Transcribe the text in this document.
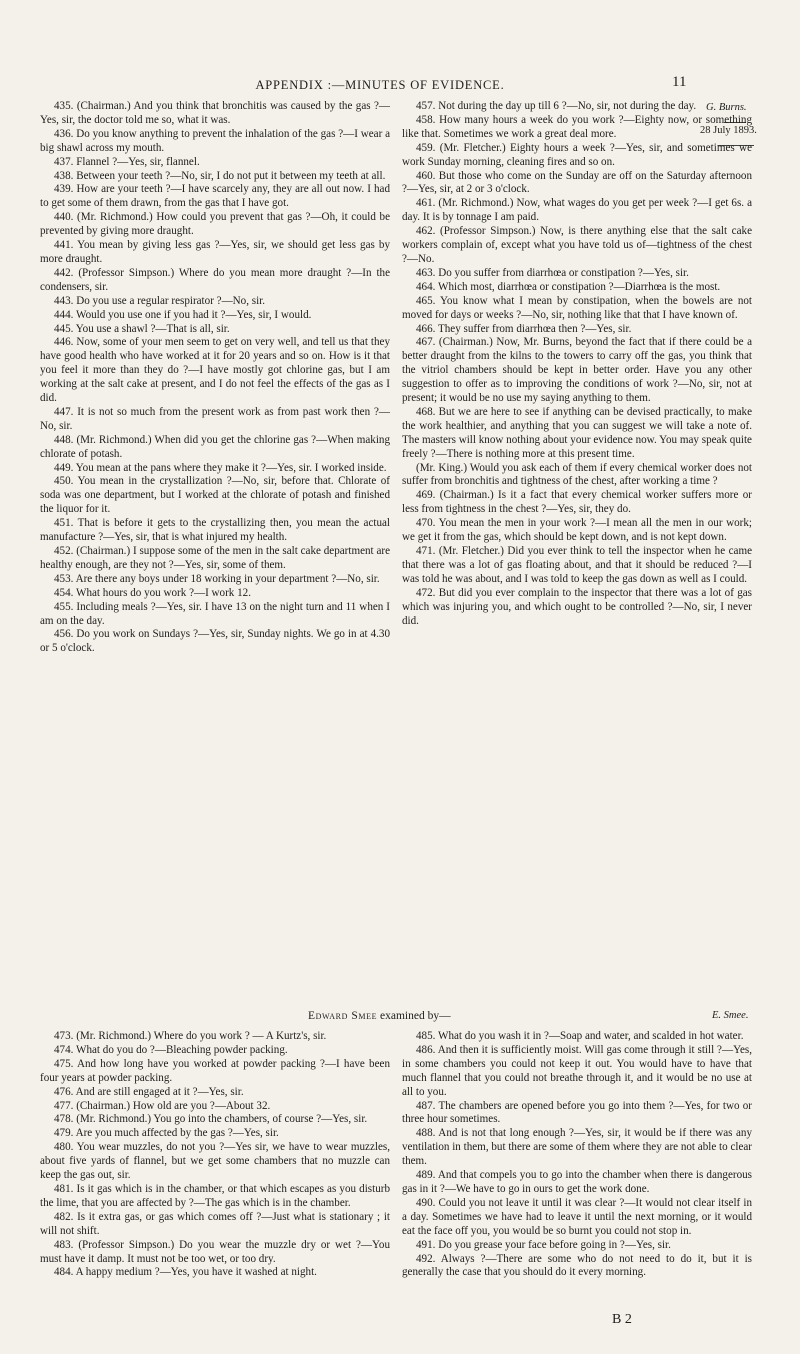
APPENDIX :—MINUTES OF EVIDENCE.	11
G. Burns.
28 July 1893.

435. (Chairman.) And you think that bronchitis was caused by the gas ?—Yes, sir, the doctor told me so, what it was.

436. Do you know anything to prevent the inhalation of the gas ?—I wear a big shawl across my mouth.

437. Flannel ?—Yes, sir, flannel.

438. Between your teeth ?—No, sir, I do not put it between my teeth at all.

439. How are your teeth ?—I have scarcely any, they are all out now. I had to get some of them drawn, from the gas that I have got.

440. (Mr. Richmond.) How could you prevent that gas ?—Oh, it could be prevented by giving more draught.

441. You mean by giving less gas ?—Yes, sir, we should get less gas by more draught.

442. (Professor Simpson.) Where do you mean more draught ?—In the condensers, sir.

443. Do you use a regular respirator ?—No, sir.

444. Would you use one if you had it ?—Yes, sir, I would.

445. You use a shawl ?—That is all, sir.

446. Now, some of your men seem to get on very well, and tell us that they have good health who have worked at it for 20 years and so on. How is it that you feel it more than they do ?—I have mostly got chlorine gas, but I am working at the salt cake at present, and I do not feel the effects of the gas as I did.

447. It is not so much from the present work as from past work then ?—No, sir.

448. (Mr. Richmond.) When did you get the chlorine gas ?—When making chlorate of potash.

449. You mean at the pans where they make it ?—Yes, sir. I worked inside.

450. You mean in the crystallization ?—No, sir, before that. Chlorate of soda was one department, but I worked at the chlorate of potash and finished the liquor for it.

451. That is before it gets to the crystallizing then, you mean the actual manufacture ?—Yes, sir, that is what injured my health.

452. (Chairman.) I suppose some of the men in the salt cake department are healthy enough, are they not ?—Yes, sir, some of them.

453. Are there any boys under 18 working in your department ?—No, sir.

454. What hours do you work ?—I work 12.

455. Including meals ?—Yes, sir. I have 13 on the night turn and 11 when I am on the day.

456. Do you work on Sundays ?—Yes, sir, Sunday nights. We go in at 4.30 or 5 o'clock.

457. Not during the day up till 6 ?—No, sir, not during the day.

458. How many hours a week do you work ?—Eighty now, or something like that. Sometimes we work a great deal more.

459. (Mr. Fletcher.) Eighty hours a week ?—Yes, sir, and sometimes we work Sunday morning, cleaning fires and so on.

460. But those who come on the Sunday are off on the Saturday afternoon ?—Yes, sir, at 2 or 3 o'clock.

461. (Mr. Richmond.) Now, what wages do you get per week ?—I get 6s. a day. It is by tonnage I am paid.

462. (Professor Simpson.) Now, is there anything else that the salt cake workers complain of, except what you have told us of—tightness of the chest ?—No.

463. Do you suffer from diarrhœa or constipation ?—Yes, sir.

464. Which most, diarrhœa or constipation ?—Diarrhœa is the most.

465. You know what I mean by constipation, when the bowels are not moved for days or weeks ?—No, sir, nothing like that that I have known of.

466. They suffer from diarrhœa then ?—Yes, sir.

467. (Chairman.) Now, Mr. Burns, beyond the fact that if there could be a better draught from the kilns to the towers to carry off the gas, you think that the vitriol chambers should be kept in better order. Have you any other suggestion to offer as to improving the conditions of work ?—No, sir, not at present; it would be no use my saying anything to them.

468. But we are here to see if anything can be devised practically, to make the work healthier, and anything that you can suggest we will take a note of. The masters will know nothing about your evidence now. You may speak quite freely ?—There is nothing more at this present time.

(Mr. King.) Would you ask each of them if every chemical worker does not suffer from bronchitis and tightness of the chest, after working a time ?

469. (Chairman.) Is it a fact that every chemical worker suffers more or less from tightness in the chest ?—Yes, sir, they do.

470. You mean the men in your work ?—I mean all the men in our work; we get it from the gas, which should be kept down, and is not kept down.

471. (Mr. Fletcher.) Did you ever think to tell the inspector when he came that there was a lot of gas floating about, and that it should be reduced ?—I was told he was about, and I was told to keep the gas down as well as I could.

472. But did you ever complain to the inspector that there was a lot of gas which was injuring you, and which ought to be controlled ?—No, sir, I never did.

Edward Smee examined by—	E. Smee.

473. (Mr. Richmond.) Where do you work ? — A Kurtz's, sir.

474. What do you do ?—Bleaching powder packing.

475. And how long have you worked at powder packing ?—I have been four years at powder packing.

476. And are still engaged at it ?—Yes, sir.

477. (Chairman.) How old are you ?—About 32.

478. (Mr. Richmond.) You go into the chambers, of course ?—Yes, sir.

479. Are you much affected by the gas ?—Yes, sir.

480. You wear muzzles, do not you ?—Yes sir, we have to wear muzzles, about five yards of flannel, but we get some chambers that no muzzle can keep the gas out, sir.

481. Is it gas which is in the chamber, or that which escapes as you disturb the lime, that you are affected by ?—The gas which is in the chamber.

482. Is it extra gas, or gas which comes off ?—Just what is stationary ; it will not shift.

483. (Professor Simpson.) Do you wear the muzzle dry or wet ?—You must have it damp. It must not be too wet, or too dry.

484. A happy medium ?—Yes, you have it washed at night.

485. What do you wash it in ?—Soap and water, and scalded in hot water.

486. And then it is sufficiently moist. Will gas come through it still ?—Yes, in some chambers you could not keep it out. You would have to have that much flannel that you could not breathe through it, and it would be no use at all to you.

487. The chambers are opened before you go into them ?—Yes, for two or three hour sometimes.

488. And is not that long enough ?—Yes, sir, it would be if there was any ventilation in them, but there are some of them where they are not able to clear them.

489. And that compels you to go into the chamber when there is dangerous gas in it ?—We have to go in ours to get the work done.

490. Could you not leave it until it was clear ?—It would not clear itself in a day. Sometimes we have had to leave it until the next morning, or it would eat the face off you, you would be so burnt you could not stop in.

491. Do you grease your face before going in ?—Yes, sir.

492. Always ?—There are some who do not need to do it, but it is generally the case that you should do it every morning.

B 2
